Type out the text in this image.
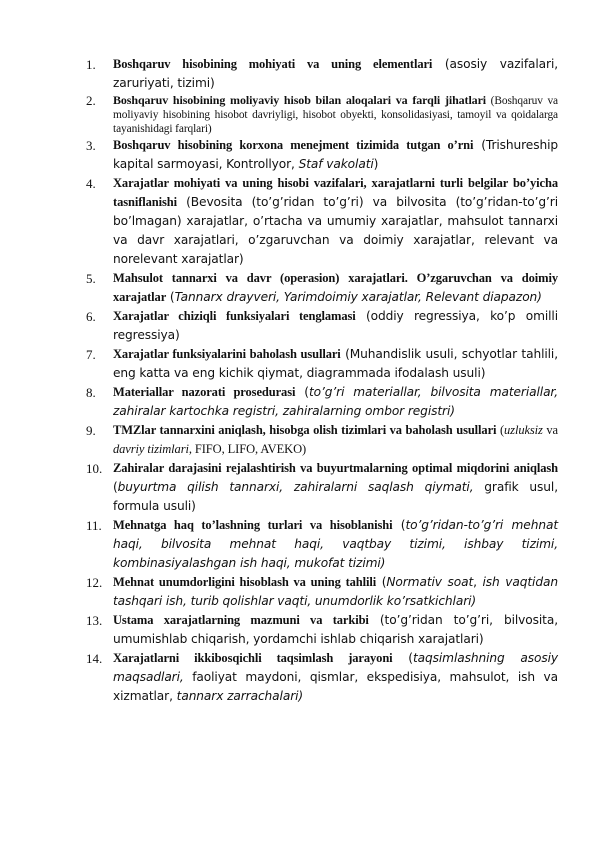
1. Boshqaruv hisobining mohiyati va uning elementlari (asosiy vazifalari, zaruriyati, tizimi)
2. Boshqaruv hisobining moliyaviy hisob bilan aloqalari va farqli jihatlari (Boshqaruv va moliyaviy hisobining hisobot davriyligi, hisobot obyekti, konsolidasiyasi, tamoyil va qoidalarga tayanishidagi farqlari)
3. Boshqaruv hisobining korxona menejment tizimida tutgan o’rni (Trishureship kapital sarmoyasi, Kontrollyor, Staf vakolati)
4. Xarajatlar mohiyati va uning hisobi vazifalari, xarajatlarni turli belgilar bo’yicha tasniflanishi (Bevosita (to’g’ridan to’g’ri) va bilvosita (to’g’ridan-to’g’ri bo’lmagan) xarajatlar, o’rtacha va umumiy xarajatlar, mahsulot tannarxi va davr xarajatlari, o’zgaruvchan va doimiy xarajatlar, relevant va norelevant xarajatlar)
5. Mahsulot tannarxi va davr (operasion) xarajatlari. O’zgaruvchan va doimiy xarajatlar (Tannarx drayveri, Yarimdoimiy xarajatlar, Relevant diapazon)
6. Xarajatlar chiziqli funksiyalari tenglamasi (oddiy regressiya, ko’p omilli regressiya)
7. Xarajatlar funksiyalarini baholash usullari (Muhandislik usuli, schyotlar tahlili, eng katta va eng kichik qiymat, diagrammada ifodalash usuli)
8. Materiallar nazorati prosedurasi (to’g’ri materiallar, bilvosita materiallar, zahiralar kartochka registri, zahiralarning ombor registri)
9. TMZlar tannarxini aniqlash, hisobga olish tizimlari va baholash usullari (uzluksiz va davriy tizimlari, FIFO, LIFO, AVEKO)
10. Zahiralar darajasini rejalashtirish va buyurtmalarning optimal miqdorini aniqlash (buyurtma qilish tannarxi, zahiralarni saqlash qiymati, grafik usul, formula usuli)
11. Mehnatga haq to’lashning turlari va hisoblanishi (to’g’ridan-to’g’ri mehnat haqi, bilvosita mehnat haqi, vaqtbay tizimi, ishbay tizimi, kombinasiyalashgan ish haqi, mukofat tizimi)
12. Mehnat unumdorligini hisoblash va uning tahlili (Normativ soat, ish vaqtidan tashqari ish, turib qolishlar vaqti, unumdorlik ko’rsatkichlari)
13. Ustama xarajatlarning mazmuni va tarkibi (to’g’ridan to’g’ri, bilvosita, umumishlab chiqarish, yordamchi ishlab chiqarish xarajatlari)
14. Xarajatlarni ikkibosqichli taqsimlash jarayoni (taqsimlashning asosiy maqsadlari, faoliyat maydoni, qismlar, ekspedisiya, mahsulot, ish va xizmatlar, tannarx zarrachalari)
